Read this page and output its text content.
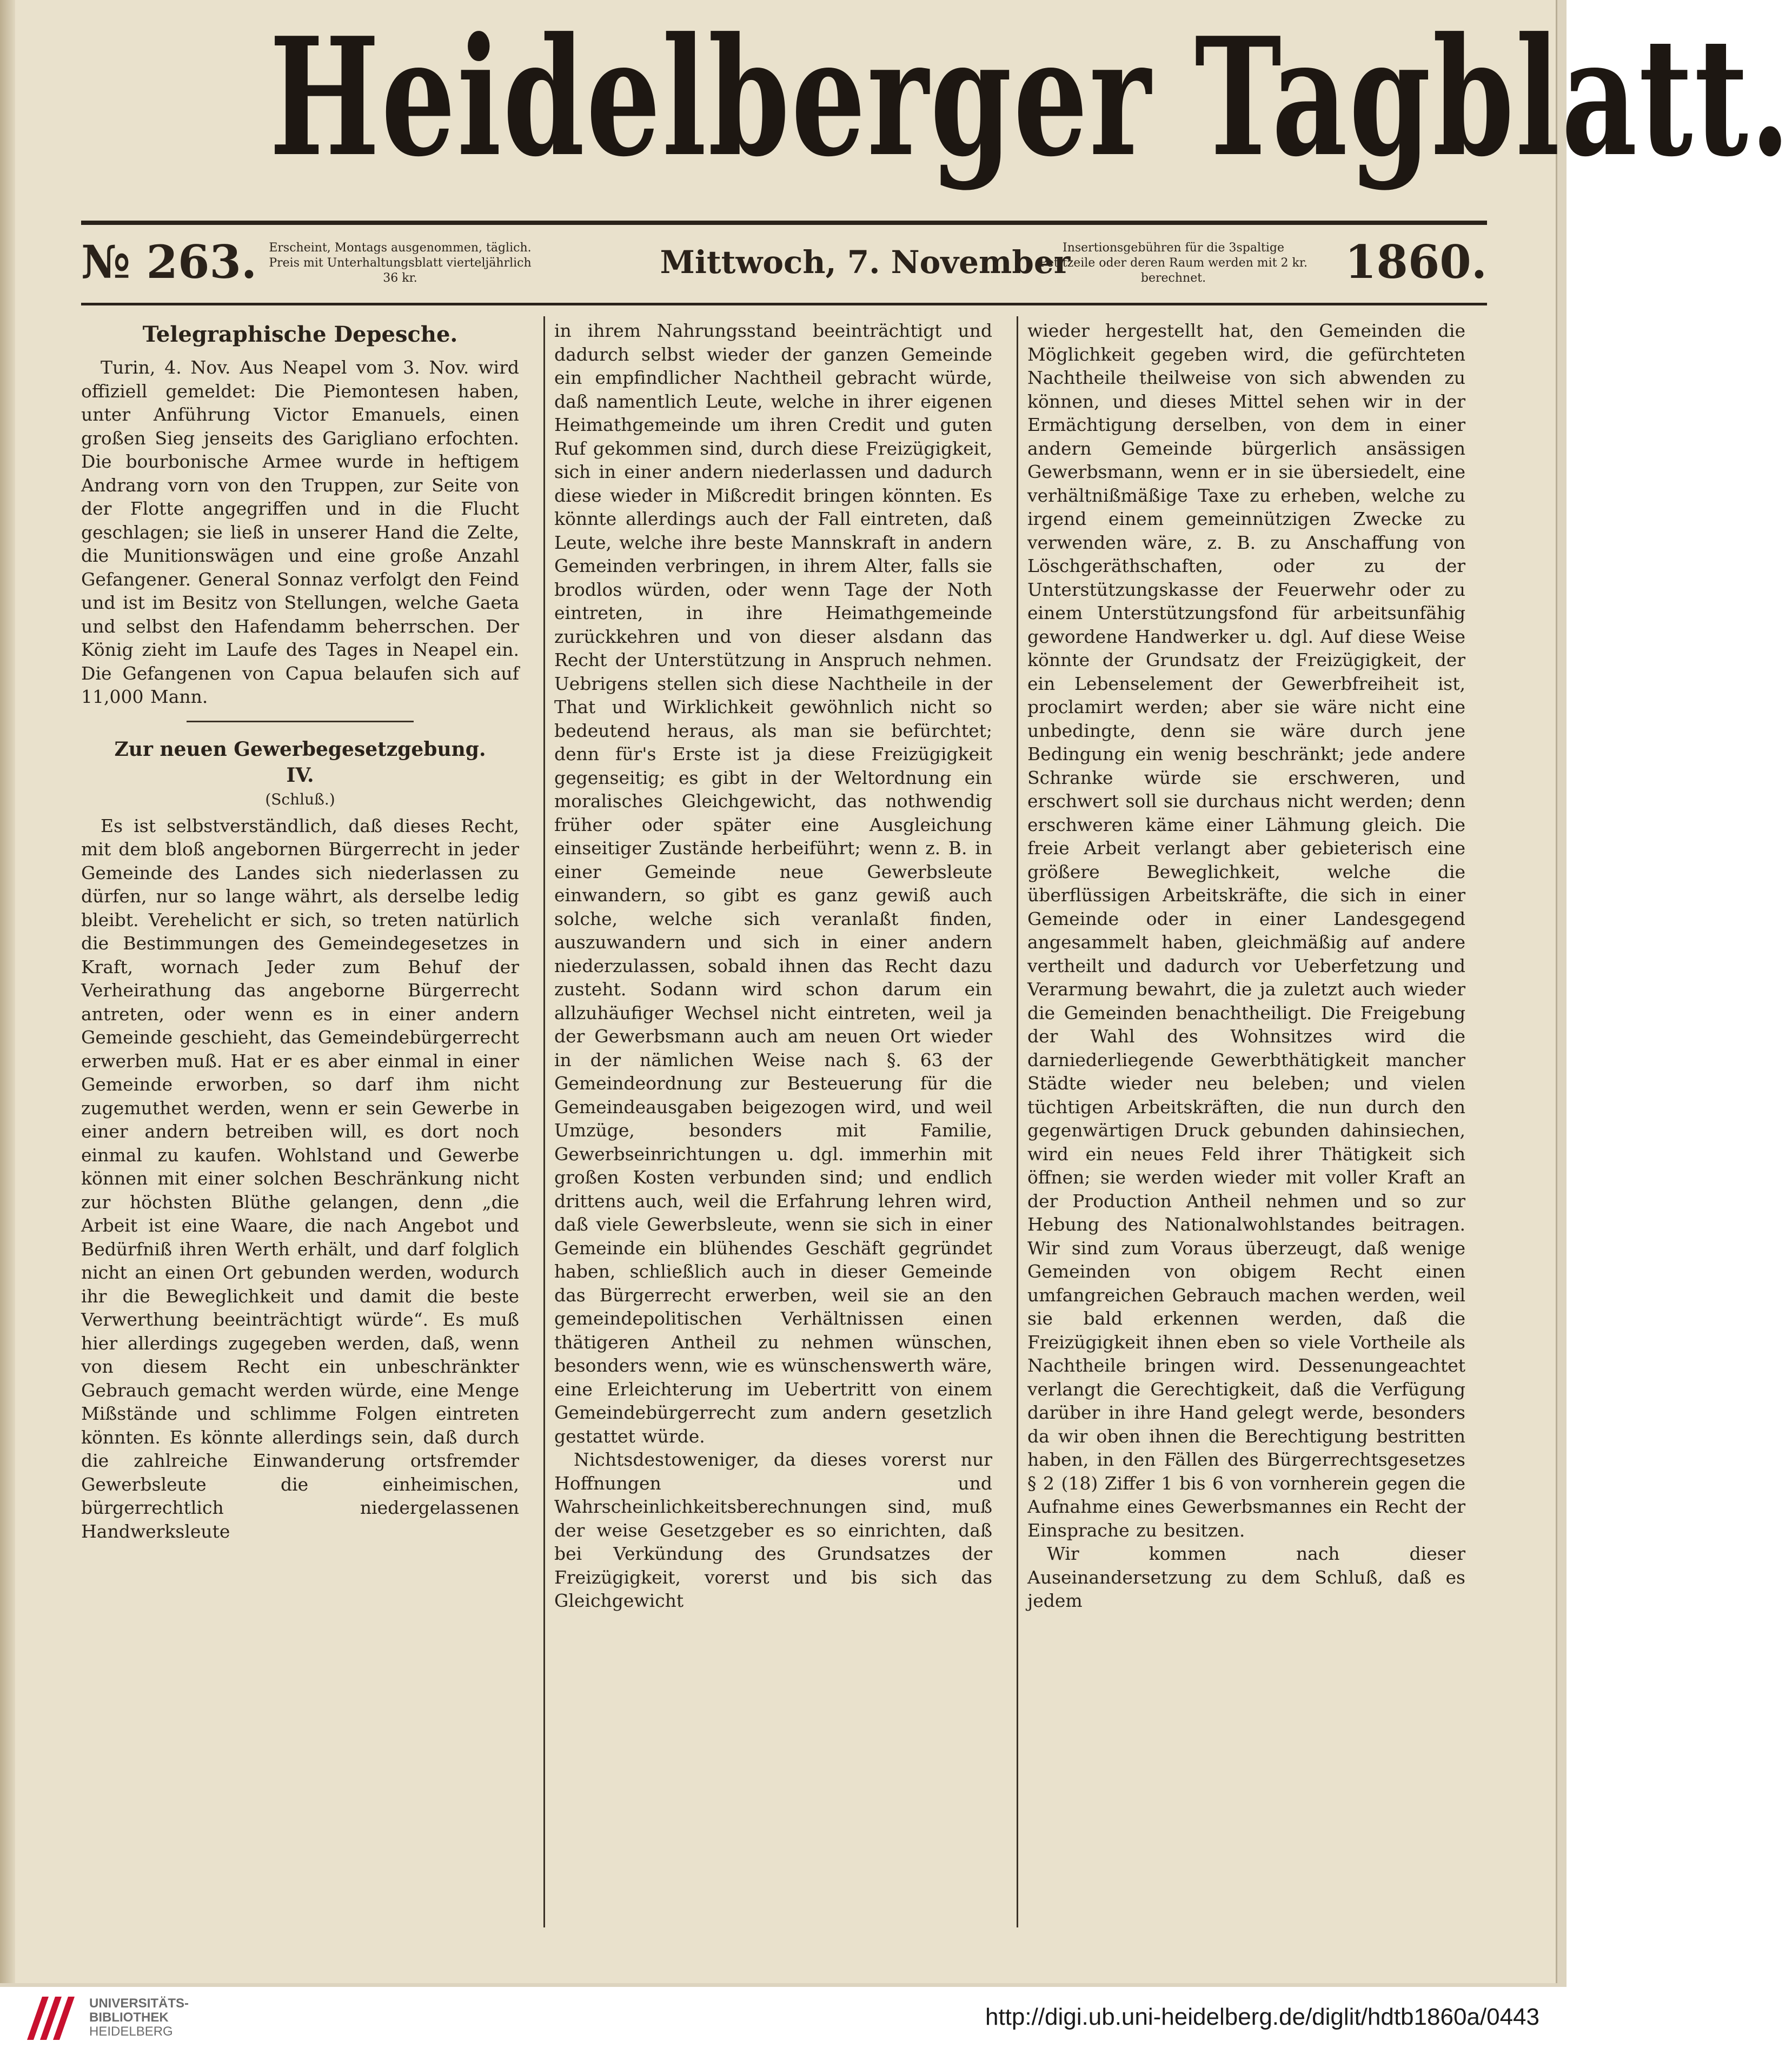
Heidelberger Tagblatt.
№ 263.	Erscheint, Montags ausgenommen, täglich. Preis mit Unterhaltungsblatt vierteljährlich 36 kr.	Mittwoch, 7. November
Insertionsgebühren für die 3spaltige Petitzeile oder deren Raum werden mit 2 kr. berechnet.	1860.
Telegraphische Depesche.

Turin, 4. Nov. Aus Neapel vom 3. Nov. wird offiziell gemeldet: Die Piemontesen haben, unter Anführung Victor Emanuels, einen großen Sieg jenseits des Garigliano erfochten. Die bourbonische Armee wurde in heftigem Andrang vorn von den Truppen, zur Seite von der Flotte angegriffen und in die Flucht geschlagen; sie ließ in unserer Hand die Zelte, die Munitionswägen und eine große Anzahl Gefangener. General Sonnaz verfolgt den Feind und ist im Besitz von Stellungen, welche Gaeta und selbst den Hafendamm beherrschen. Der König zieht im Laufe des Tages in Neapel ein. Die Gefangenen von Capua belaufen sich auf 11,000 Mann.

Zur neuen Gewerbegesetzgebung.
IV.
(Schluß.)

Es ist selbstverständlich, daß dieses Recht, mit dem bloß angebornen Bürgerrecht in jeder Gemeinde des Landes sich niederlassen zu dürfen, nur so lange währt, als derselbe ledig bleibt. Verehelicht er sich, so treten natürlich die Bestimmungen des Gemeindegesetzes in Kraft, wornach Jeder zum Behuf der Verheirathung das angeborne Bürgerrecht antreten, oder wenn es in einer andern Gemeinde geschieht, das Gemeindebürgerrecht erwerben muß. Hat er es aber einmal in einer Gemeinde erworben, so darf ihm nicht zugemuthet werden, wenn er sein Gewerbe in einer andern betreiben will, es dort noch einmal zu kaufen. Wohlstand und Gewerbe können mit einer solchen Beschränkung nicht zur höchsten Blüthe gelangen, denn „die Arbeit ist eine Waare, die nach Angebot und Bedürfniß ihren Werth erhält, und darf folglich nicht an einen Ort gebunden werden, wodurch ihr die Beweglichkeit und damit die beste Verwerthung beeinträchtigt würde“. Es muß hier allerdings zugegeben werden, daß, wenn von diesem Recht ein unbeschränkter Gebrauch gemacht werden würde, eine Menge Mißstände und schlimme Folgen eintreten könnten. Es könnte allerdings sein, daß durch die zahlreiche Einwanderung ortsfremder Gewerbsleute die einheimischen, bürgerrechtlich niedergelassenen Handwerksleute

in ihrem Nahrungsstand beeinträchtigt und dadurch selbst wieder der ganzen Gemeinde ein empfindlicher Nachtheil gebracht würde, daß namentlich Leute, welche in ihrer eigenen Heimathgemeinde um ihren Credit und guten Ruf gekommen sind, durch diese Freizügigkeit, sich in einer andern niederlassen und dadurch diese wieder in Mißcredit bringen könnten. Es könnte allerdings auch der Fall eintreten, daß Leute, welche ihre beste Mannskraft in andern Gemeinden verbringen, in ihrem Alter, falls sie brodlos würden, oder wenn Tage der Noth eintreten, in ihre Heimathgemeinde zurückkehren und von dieser alsdann das Recht der Unterstützung in Anspruch nehmen. Uebrigens stellen sich diese Nachtheile in der That und Wirklichkeit gewöhnlich nicht so bedeutend heraus, als man sie befürchtet; denn für's Erste ist ja diese Freizügigkeit gegenseitig; es gibt in der Weltordnung ein moralisches Gleichgewicht, das nothwendig früher oder später eine Ausgleichung einseitiger Zustände herbeiführt; wenn z. B. in einer Gemeinde neue Gewerbsleute einwandern, so gibt es ganz gewiß auch solche, welche sich veranlaßt finden, auszuwandern und sich in einer andern niederzulassen, sobald ihnen das Recht dazu zusteht. Sodann wird schon darum ein allzuhäufiger Wechsel nicht eintreten, weil ja der Gewerbsmann auch am neuen Ort wieder in der nämlichen Weise nach §. 63 der Gemeindeordnung zur Besteuerung für die Gemeindeausgaben beigezogen wird, und weil Umzüge, besonders mit Familie, Gewerbseinrichtungen u. dgl. immerhin mit großen Kosten verbunden sind; und endlich drittens auch, weil die Erfahrung lehren wird, daß viele Gewerbsleute, wenn sie sich in einer Gemeinde ein blühendes Geschäft gegründet haben, schließlich auch in dieser Gemeinde das Bürgerrecht erwerben, weil sie an den gemeindepolitischen Verhältnissen einen thätigeren Antheil zu nehmen wünschen, besonders wenn, wie es wünschenswerth wäre, eine Erleichterung im Uebertritt von einem Gemeindebürgerrecht zum andern gesetzlich gestattet würde.

Nichtsdestoweniger, da dieses vorerst nur Hoffnungen und Wahrscheinlichkeitsberechnungen sind, muß der weise Gesetzgeber es so einrichten, daß bei Verkündung des Grundsatzes der Freizügigkeit, vorerst und bis sich das Gleichgewicht

wieder hergestellt hat, den Gemeinden die Möglichkeit gegeben wird, die gefürchteten Nachtheile theilweise von sich abwenden zu können, und dieses Mittel sehen wir in der Ermächtigung derselben, von dem in einer andern Gemeinde bürgerlich ansässigen Gewerbsmann, wenn er in sie übersiedelt, eine verhältnißmäßige Taxe zu erheben, welche zu irgend einem gemeinnützigen Zwecke zu verwenden wäre, z. B. zu Anschaffung von Löschgeräthschaften, oder zu der Unterstützungskasse der Feuerwehr oder zu einem Unterstützungsfond für arbeitsunfähig gewordene Handwerker u. dgl. Auf diese Weise könnte der Grundsatz der Freizügigkeit, der ein Lebenselement der Gewerbfreiheit ist, proclamirt werden; aber sie wäre nicht eine unbedingte, denn sie wäre durch jene Bedingung ein wenig beschränkt; jede andere Schranke würde sie erschweren, und erschwert soll sie durchaus nicht werden; denn erschweren käme einer Lähmung gleich. Die freie Arbeit verlangt aber gebieterisch eine größere Beweglichkeit, welche die überflüssigen Arbeitskräfte, die sich in einer Gemeinde oder in einer Landesgegend angesammelt haben, gleichmäßig auf andere vertheilt und dadurch vor Ueberfetzung und Verarmung bewahrt, die ja zuletzt auch wieder die Gemeinden benachtheiligt. Die Freigebung der Wahl des Wohnsitzes wird die darniederliegende Gewerbthätigkeit mancher Städte wieder neu beleben; und vielen tüchtigen Arbeitskräften, die nun durch den gegenwärtigen Druck gebunden dahinsiechen, wird ein neues Feld ihrer Thätigkeit sich öffnen; sie werden wieder mit voller Kraft an der Production Antheil nehmen und so zur Hebung des Nationalwohlstandes beitragen. Wir sind zum Voraus überzeugt, daß wenige Gemeinden von obigem Recht einen umfangreichen Gebrauch machen werden, weil sie bald erkennen werden, daß die Freizügigkeit ihnen eben so viele Vortheile als Nachtheile bringen wird. Dessenungeachtet verlangt die Gerechtigkeit, daß die Verfügung darüber in ihre Hand gelegt werde, besonders da wir oben ihnen die Berechtigung bestritten haben, in den Fällen des Bürgerrechtsgesetzes § 2 (18) Ziffer 1 bis 6 von vornherein gegen die Aufnahme eines Gewerbsmannes ein Recht der Einsprache zu besitzen.

Wir kommen nach dieser Auseinandersetzung zu dem Schluß, daß es jedem

UNIVERSITÄTS-
BIBLIOTHEK
HEIDELBERG
http://digi.ub.uni-heidelberg.de/diglit/hdtb1860a/0443
